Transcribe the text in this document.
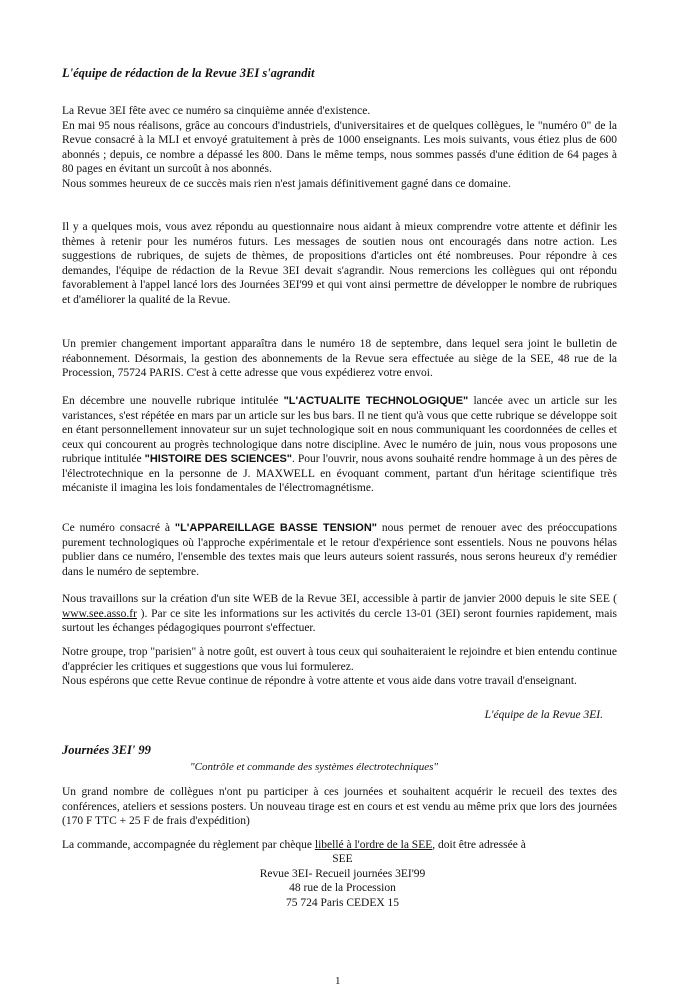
L'équipe de rédaction de la Revue 3EI s'agrandit

La Revue 3EI fête avec ce numéro sa cinquième année d'existence.

En mai 95 nous réalisons, grâce au concours d'industriels, d'universitaires et de quelques collègues, le "numéro 0" de la Revue consacré à la MLI et envoyé gratuitement à près de 1000 enseignants. Les mois suivants, vous étiez plus de 600 abonnés ; depuis, ce nombre a dépassé les 800. Dans le même temps, nous sommes passés d'une édition de 64 pages à 80 pages en évitant un surcoût à nos abonnés.

Nous sommes heureux de ce succès mais rien n'est jamais définitivement gagné dans ce domaine.

Il y a quelques mois, vous avez répondu au questionnaire nous aidant à mieux comprendre votre attente et définir les thèmes à retenir pour les numéros futurs. Les messages de soutien nous ont encouragés dans notre action. Les suggestions de rubriques, de sujets de thèmes, de propositions d'articles ont été nombreuses. Pour répondre à ces demandes, l'équipe de rédaction de la Revue 3EI devait s'agrandir. Nous remercions les collègues qui ont répondu favorablement à l'appel lancé lors des Journées 3EI'99 et qui vont ainsi permettre de développer le nombre de rubriques et d'améliorer la qualité de la Revue.

Un premier changement important apparaîtra dans le numéro 18 de septembre, dans lequel sera joint le bulletin de réabonnement. Désormais, la gestion des abonnements de la Revue sera effectuée au siège de la SEE, 48 rue de la Procession, 75724 PARIS. C'est à cette adresse que vous expédierez votre envoi.

En décembre une nouvelle rubrique intitulée "L'ACTUALITE TECHNOLOGIQUE" lancée avec un article sur les varistances, s'est répétée en mars par un article sur les bus bars. Il ne tient qu'à vous que cette rubrique se développe soit en étant personnellement innovateur sur un sujet technologique soit en nous communiquant les coordonnées de celles et ceux qui concourent au progrès technologique dans notre discipline. Avec le numéro de juin, nous vous proposons une rubrique intitulée "HISTOIRE DES SCIENCES". Pour l'ouvrir, nous avons souhaité rendre hommage à un des pères de l'électrotechnique en la personne de J. MAXWELL en évoquant comment, partant d'un héritage scientifique très mécaniste il imagina les lois fondamentales de l'électromagnétisme.

Ce numéro consacré à "L'APPAREILLAGE BASSE TENSION" nous permet de renouer avec des préoccupations purement technologiques où l'approche expérimentale et le retour d'expérience sont essentiels. Nous ne pouvons hélas publier dans ce numéro, l'ensemble des textes mais que leurs auteurs soient rassurés, nous serons heureux d'y remédier dans le numéro de septembre.

Nous travaillons sur la création d'un site WEB de la Revue 3EI, accessible à partir de janvier 2000 depuis le site SEE ( www.see.asso.fr ). Par ce site les informations sur les activités du cercle 13-01 (3EI) seront fournies rapidement, mais surtout les échanges pédagogiques pourront s'effectuer.

Notre groupe, trop "parisien" à notre goût, est ouvert à tous ceux qui souhaiteraient le rejoindre et bien entendu continue d'apprécier les critiques et suggestions que vous lui formulerez.

Nous espérons que cette Revue continue de répondre à votre attente et vous aide dans votre travail d'enseignant.

L'équipe de la Revue 3EI.
Journées 3EI' 99
"Contrôle et commande des systèmes électrotechniques"

Un grand nombre de collègues n'ont pu participer à ces journées et souhaitent acquérir le recueil des textes des conférences, ateliers et sessions posters. Un nouveau tirage est en cours et est vendu au même prix que lors des journées (170 F TTC + 25 F de frais d'expédition)

La commande, accompagnée du règlement par chèque libellé à l'ordre de la SEE, doit être adressée à

SEE
Revue 3EI- Recueil journées 3EI'99
48 rue de la Procession
75 724 Paris CEDEX 15
1
